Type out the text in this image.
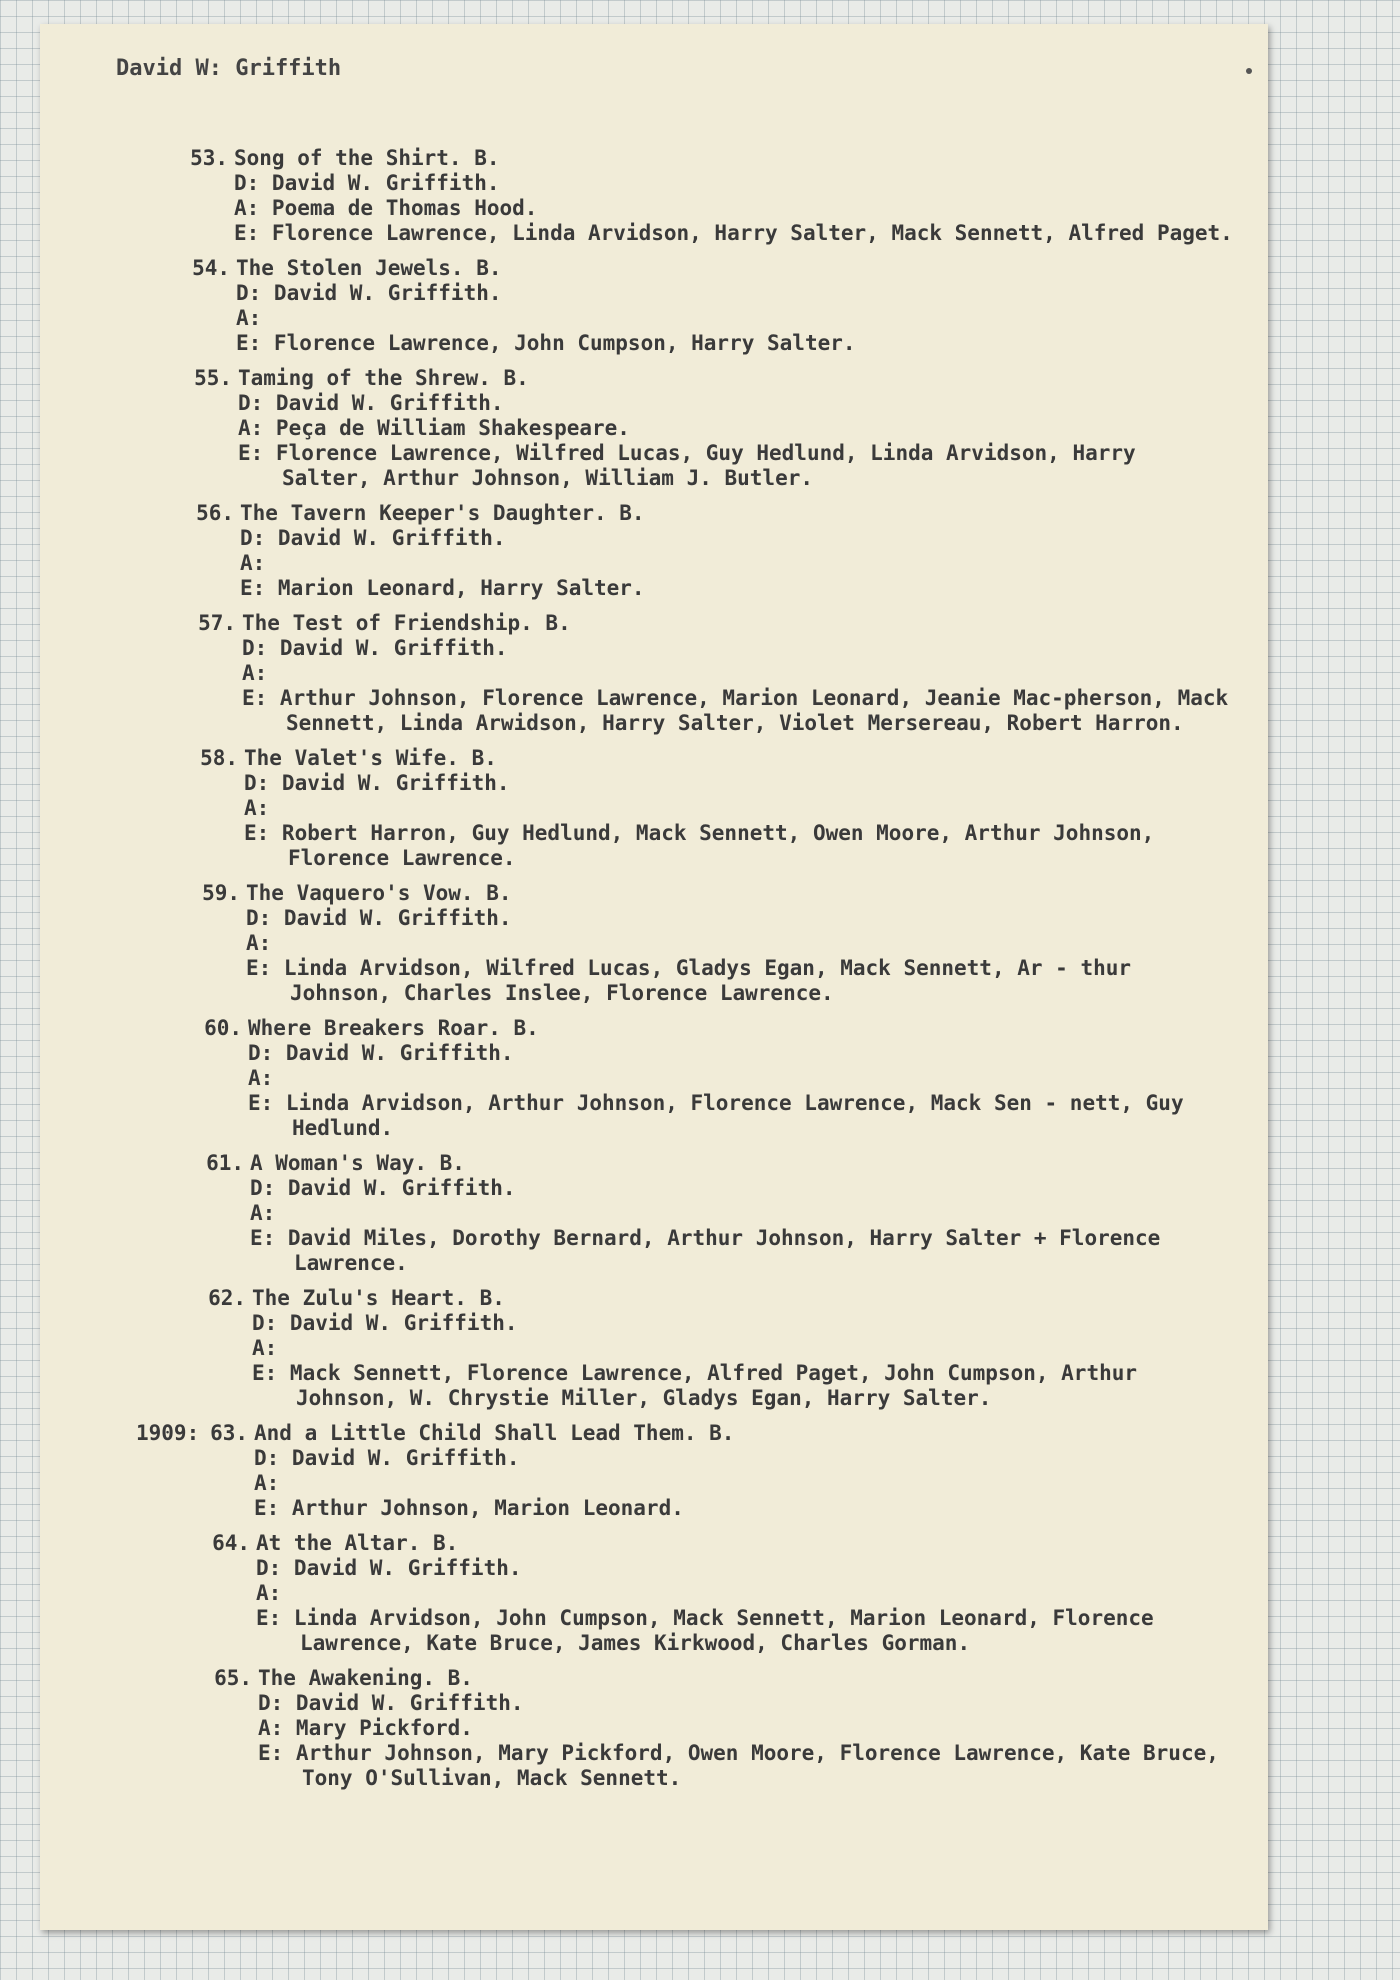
David W: Griffith
53. Song of the Shirt. B.
D: David W. Griffith.
A: Poema de Thomas Hood.
E: Florence Lawrence, Linda Arvidson, Harry Salter, Mack Sennett, Alfred Paget.
54. The Stolen Jewels. B.
D: David W. Griffith.
A:
E: Florence Lawrence, John Cumpson, Harry Salter.
55. Taming of the Shrew. B.
D: David W. Griffith.
A: Peça de William Shakespeare.
E: Florence Lawrence, Wilfred Lucas, Guy Hedlund, Linda Arvidson, Harry Salter, Arthur Johnson, William J. Butler.
56. The Tavern Keeper's Daughter. B.
D: David W. Griffith.
A:
E: Marion Leonard, Harry Salter.
57. The Test of Friendship. B.
D: David W. Griffith.
A:
E: Arthur Johnson, Florence Lawrence, Marion Leonard, Jeanie Mac-pherson, Mack Sennett, Linda Arwidson, Harry Salter, Violet Mersereau, Robert Harron.
58. The Valet's Wife. B.
D: David W. Griffith.
A:
E: Robert Harron, Guy Hedlund, Mack Sennett, Owen Moore, Arthur Johnson, Florence Lawrence.
59. The Vaquero's Vow. B.
D: David W. Griffith.
A:
E: Linda Arvidson, Wilfred Lucas, Gladys Egan, Mack Sennett, Ar - thur Johnson, Charles Inslee, Florence Lawrence.
60. Where Breakers Roar. B.
D: David W. Griffith.
A:
E: Linda Arvidson, Arthur Johnson, Florence Lawrence, Mack Sen - nett, Guy Hedlund.
61. A Woman's Way. B.
D: David W. Griffith.
A:
E: David Miles, Dorothy Bernard, Arthur Johnson, Harry Salter + Florence Lawrence.
62. The Zulu's Heart. B.
D: David W. Griffith.
A:
E: Mack Sennett, Florence Lawrence, Alfred Paget, John Cumpson, Arthur Johnson, W. Chrystie Miller, Gladys Egan, Harry Salter.
1909: 63. And a Little Child Shall Lead Them. B.
D: David W. Griffith.
A:
E: Arthur Johnson, Marion Leonard.
64. At the Altar. B.
D: David W. Griffith.
A:
E: Linda Arvidson, John Cumpson, Mack Sennett, Marion Leonard, Florence Lawrence, Kate Bruce, James Kirkwood, Charles Gorman.
65. The Awakening. B.
D: David W. Griffith.
A: Mary Pickford.
E: Arthur Johnson, Mary Pickford, Owen Moore, Florence Lawrence, Kate Bruce, Tony O'Sullivan, Mack Sennett.
